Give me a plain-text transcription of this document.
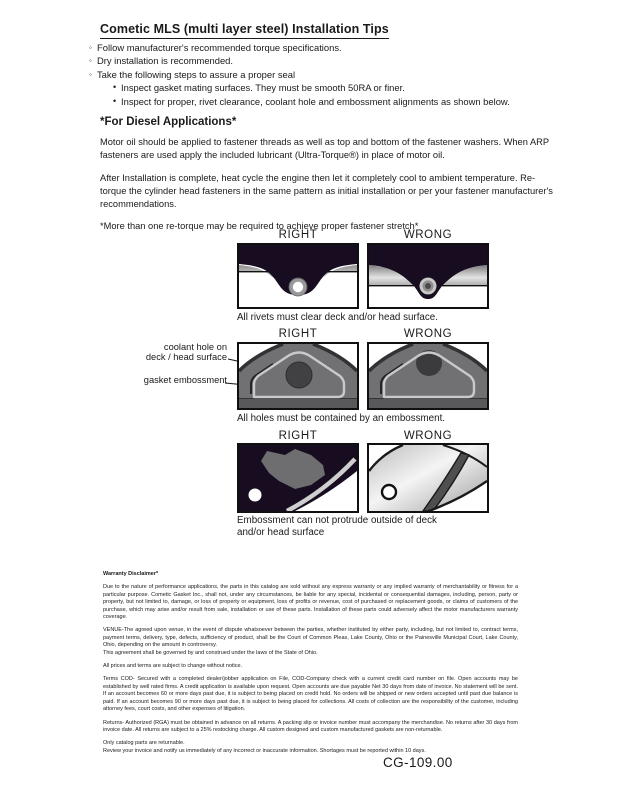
Cometic MLS (multi layer steel) Installation Tips
◦ Follow manufacturer's recommended torque specifications.
◦ Dry installation is recommended.
◦ Take the following steps to assure a proper seal
• Inspect gasket mating surfaces. They must be smooth 50RA or finer.
• Inspect for proper, rivet clearance, coolant hole and embossment alignments as shown below.
*For Diesel Applications*

Motor oil should be applied to fastener threads as well as top and bottom of the fastener washers. When ARP fasteners are used apply the included lubricant (Ultra-Torque®) in place of motor oil.

After Installation is complete, heat cycle the engine then let it completely cool to ambient temperature. Re-torque the cylinder head fasteners in the same pattern as initial installation or per your fastener manufacturer's recommendations.

*More than one re-torque may be required to achieve proper fastener stretch*

RIGHT	WRONG
All rivets must clear deck and/or head surface.
RIGHT	WRONG
coolant hole on
deck / head surface
gasket embossment
All holes must be contained by an embossment.
RIGHT	WRONG
Embossment can not protrude outside of deck and/or head surface

Warranty Disclaimer*

Due to the nature of performance applications, the parts in this catalog are sold without any express warranty or any implied warranty of merchantability or fitness for a particular purpose. Cometic Gasket Inc., shall not, under any circumstances, be liable for any special, incidental or consequential damages, including, person, party or property, but not limited to, damage, or loss of property or equipment, loss of profits or revenue, cost of purchased or replacement goods, or claims of customers of the purchase, which may arise and/or result from sale, installation or use of these parts. Installation of these parts could adversely affect the motor manufacturers warranty coverage.

VENUE-The agreed upon venue, in the event of dispute whatsoever between the parties, whether instituted by either party, including, but not limited to, contract terms, payment terms, delivery, type, defects, sufficiency of product, shall be the Court of Common Pleas, Lake County, Ohio or the Painesville Municipal Court, Lake County, Ohio, depending on the amount in controversy.

This agreement shall be governed by and construed under the laws of the State of Ohio.

All prices and terms are subject to change without notice.

Terms COD- Secured with a completed dealer/jobber application on File, COD-Company check with a current credit card number on file. Open accounts may be established by well rated firms. A credit application is available upon request. Open accounts are due payable Net 30 days from date of invoice. No statement will be sent. If an account becomes 60 or more days past due, it is subject to being placed on credit hold. No orders will be shipped or new orders accepted until past due balance is paid. If an account becomes 90 or more days past due, it is subject to being placed for collections. All costs of collection are the responsibility of the customer, including attorney fees, court costs, and other expenses of litigation.

Returns- Authorized (RGA) must be obtained in advance on all returns. A packing slip or invoice number must accompany the merchandise. No returns after 30 days from invoice date. All returns are subject to a 25% restocking charge. All custom designed and custom manufactured gaskets are non-returnable.

Only catalog parts are returnable.

Review your invoice and notify us immediately of any incorrect or inaccurate information. Shortages must be reported within 10 days.

CG-109.00
